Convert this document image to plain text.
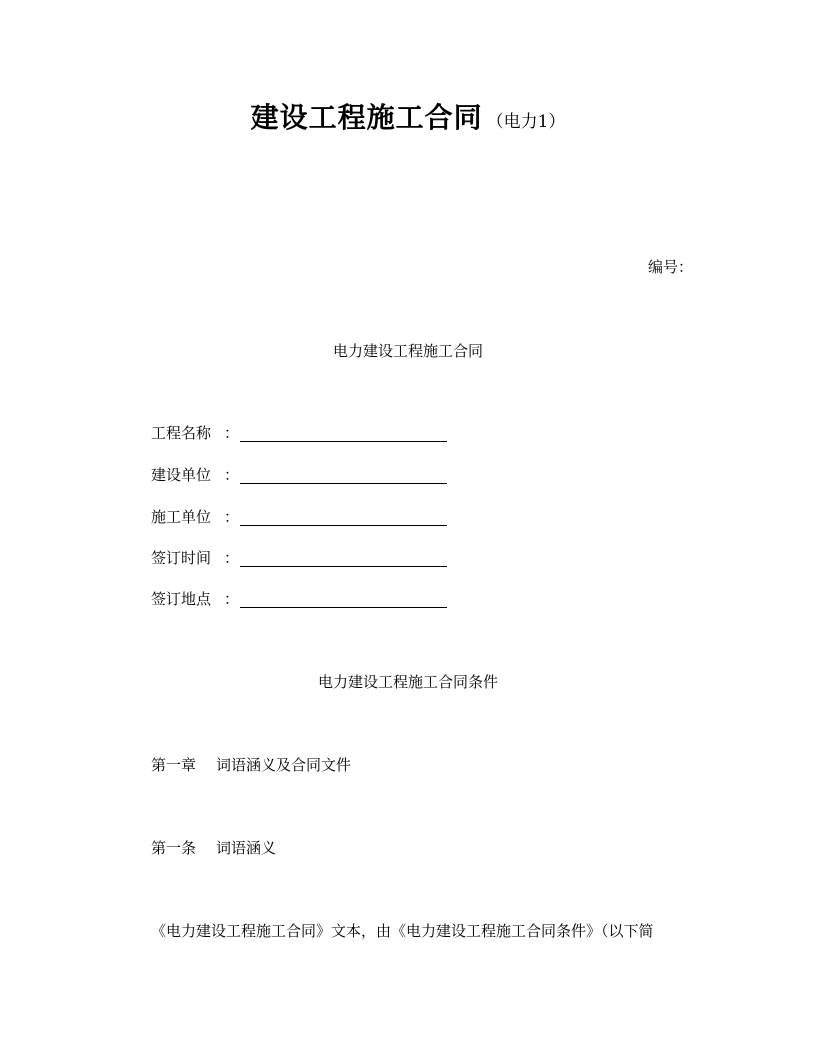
建设工程施工合同 （电力1）
编号：
电力建设工程施工合同
工程名称 ：
建设单位 ：
施工单位 ：
签订时间 ：
签订地点 ：
电力建设工程施工合同条件
第一章 词语涵义及合同文件
第一条 词语涵义
《电力建设工程施工合同》文本，由《电力建设工程施工合同条件》（以下简
